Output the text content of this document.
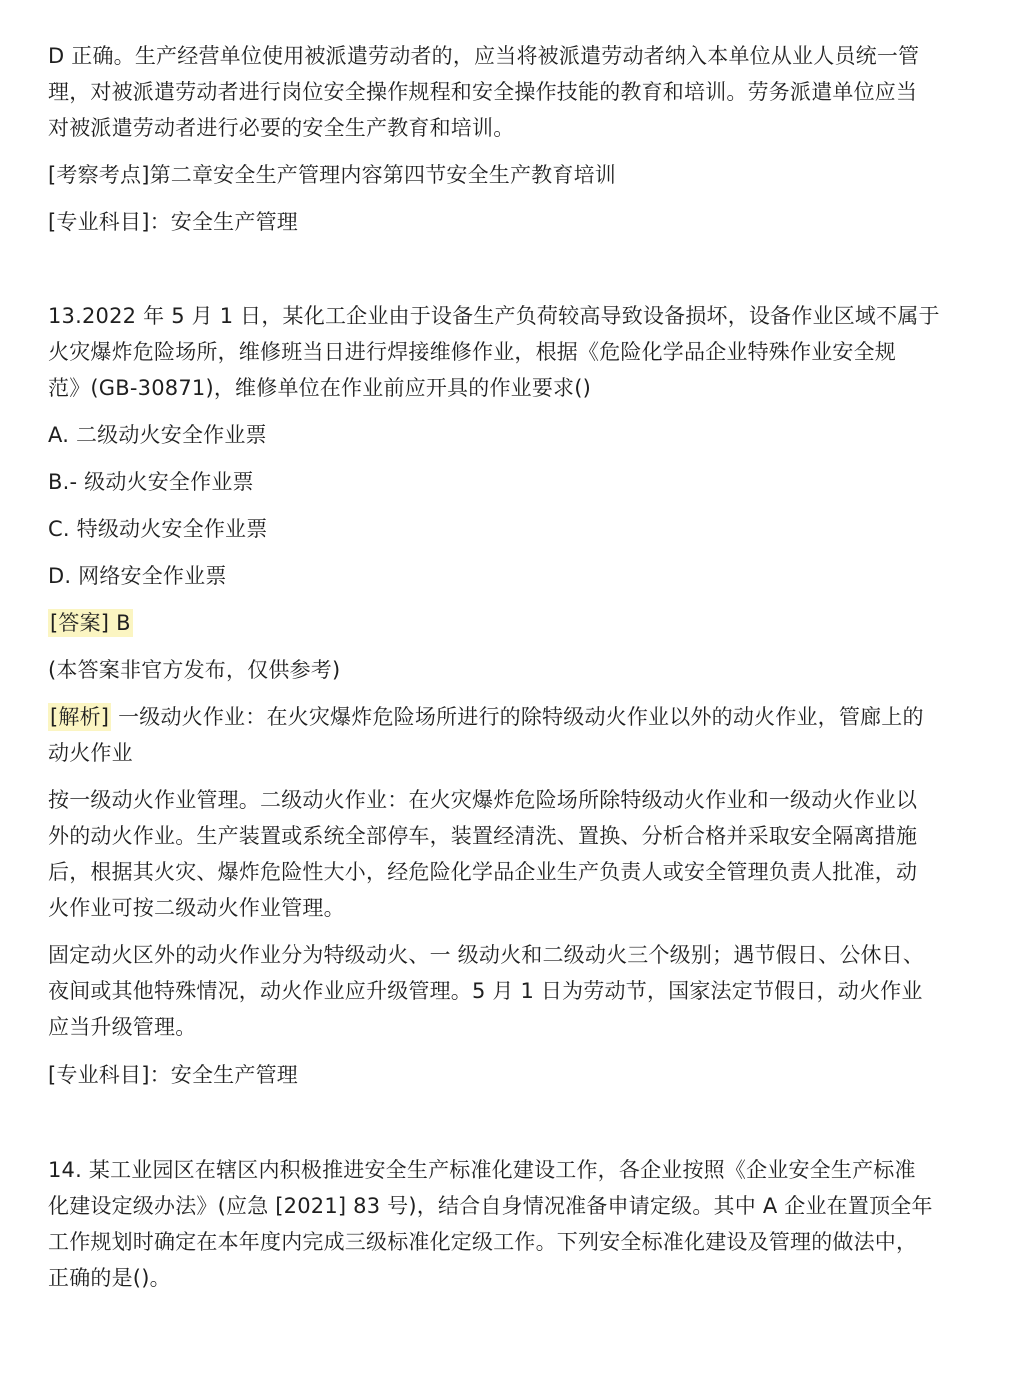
D 正确。生产经营单位使用被派遣劳动者的，应当将被派遣劳动者纳入本单位从业人员统一管
理，对被派遣劳动者进行岗位安全操作规程和安全操作技能的教育和培训。劳务派遣单位应当
对被派遣劳动者进行必要的安全生产教育和培训。
[考察考点]第二章安全生产管理内容第四节安全生产教育培训
[专业科目]：安全生产管理
13.2022 年 5 月 1 日，某化工企业由于设备生产负荷较高导致设备损坏，设备作业区域不属于
火灾爆炸危险场所，维修班当日进行焊接维修作业，根据《危险化学品企业特殊作业安全规
范》(GB-30871)，维修单位在作业前应开具的作业要求()
A. 二级动火安全作业票
B.- 级动火安全作业票
C. 特级动火安全作业票
D. 网络安全作业票
[答案] B
(本答案非官方发布，仅供参考)
[解析] 一级动火作业：在火灾爆炸危险场所进行的除特级动火作业以外的动火作业，管廊上的
动火作业
按一级动火作业管理。二级动火作业：在火灾爆炸危险场所除特级动火作业和一级动火作业以
外的动火作业。生产装置或系统全部停车，装置经清洗、置换、分析合格并采取安全隔离措施
后，根据其火灾、爆炸危险性大小，经危险化学品企业生产负责人或安全管理负责人批准，动
火作业可按二级动火作业管理。
固定动火区外的动火作业分为特级动火、一 级动火和二级动火三个级别；遇节假日、公休日、
夜间或其他特殊情况，动火作业应升级管理。5 月 1 日为劳动节，国家法定节假日，动火作业
应当升级管理。
[专业科目]：安全生产管理
14. 某工业园区在辖区内积极推进安全生产标准化建设工作，各企业按照《企业安全生产标准
化建设定级办法》(应急 [2021] 83 号)，结合自身情况准备申请定级。其中 A 企业在置顶全年
工作规划时确定在本年度内完成三级标准化定级工作。下列安全标准化建设及管理的做法中，
正确的是()。
